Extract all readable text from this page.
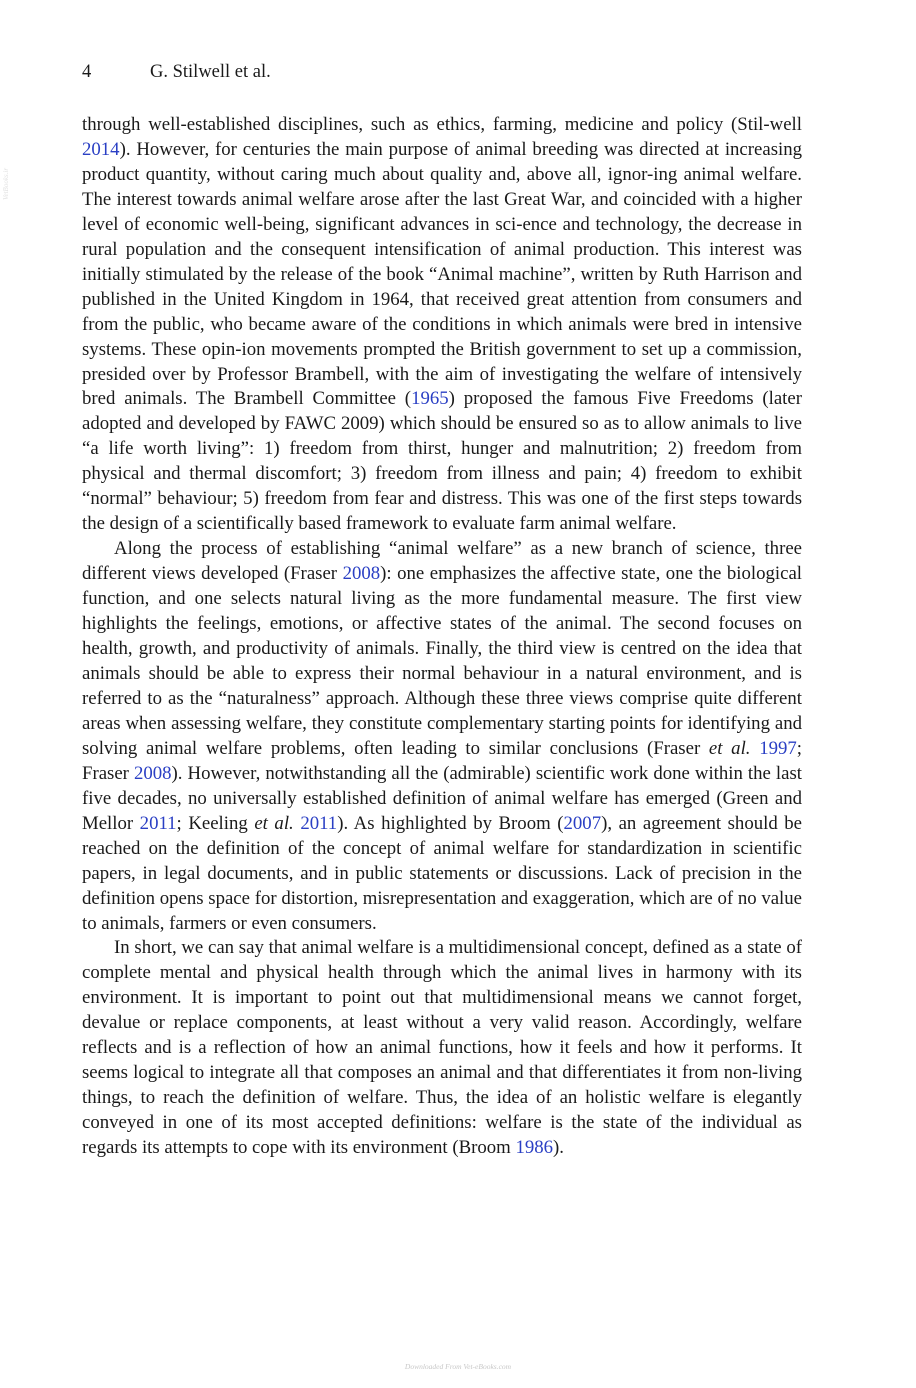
4	G. Stilwell et al.
VetBooks.ir

through well-established disciplines, such as ethics, farming, medicine and policy (Stil-well 2014). However, for centuries the main purpose of animal breeding was directed at increasing product quantity, without caring much about quality and, above all, ignor-ing animal welfare. The interest towards animal welfare arose after the last Great War, and coincided with a higher level of economic well-being, significant advances in sci-ence and technology, the decrease in rural population and the consequent intensification of animal production. This interest was initially stimulated by the release of the book “Animal machine”, written by Ruth Harrison and published in the United Kingdom in 1964, that received great attention from consumers and from the public, who became aware of the conditions in which animals were bred in intensive systems. These opin-ion movements prompted the British government to set up a commission, presided over by Professor Brambell, with the aim of investigating the welfare of intensively bred animals. The Brambell Committee (1965) proposed the famous Five Freedoms (later adopted and developed by FAWC 2009) which should be ensured so as to allow animals to live “a life worth living”: 1) freedom from thirst, hunger and malnutrition; 2) freedom from physical and thermal discomfort; 3) freedom from illness and pain; 4) freedom to exhibit “normal” behaviour; 5) freedom from fear and distress. This was one of the first steps towards the design of a scientifically based framework to evaluate farm animal welfare.

Along the process of establishing “animal welfare” as a new branch of science, three different views developed (Fraser 2008): one emphasizes the affective state, one the biological function, and one selects natural living as the more fundamental measure. The first view highlights the feelings, emotions, or affective states of the animal. The second focuses on health, growth, and productivity of animals. Finally, the third view is centred on the idea that animals should be able to express their normal behaviour in a natural environment, and is referred to as the “naturalness” approach. Although these three views comprise quite different areas when assessing welfare, they constitute complementary starting points for identifying and solving animal welfare problems, often leading to similar conclusions (Fraser et al. 1997; Fraser 2008). However, notwithstanding all the (admirable) scientific work done within the last five decades, no universally established definition of animal welfare has emerged (Green and Mellor 2011; Keeling et al. 2011). As highlighted by Broom (2007), an agreement should be reached on the definition of the concept of animal welfare for standardization in scientific papers, in legal documents, and in public statements or discussions. Lack of precision in the definition opens space for distortion, misrepresentation and exaggeration, which are of no value to animals, farmers or even consumers.

In short, we can say that animal welfare is a multidimensional concept, defined as a state of complete mental and physical health through which the animal lives in harmony with its environment. It is important to point out that multidimensional means we cannot forget, devalue or replace components, at least without a very valid reason. Accordingly, welfare reflects and is a reflection of how an animal functions, how it feels and how it performs. It seems logical to integrate all that composes an animal and that differentiates it from non-living things, to reach the definition of welfare. Thus, the idea of an holistic welfare is elegantly conveyed in one of its most accepted definitions: welfare is the state of the individual as regards its attempts to cope with its environment (Broom 1986).

Downloaded From Vet-eBooks.com
